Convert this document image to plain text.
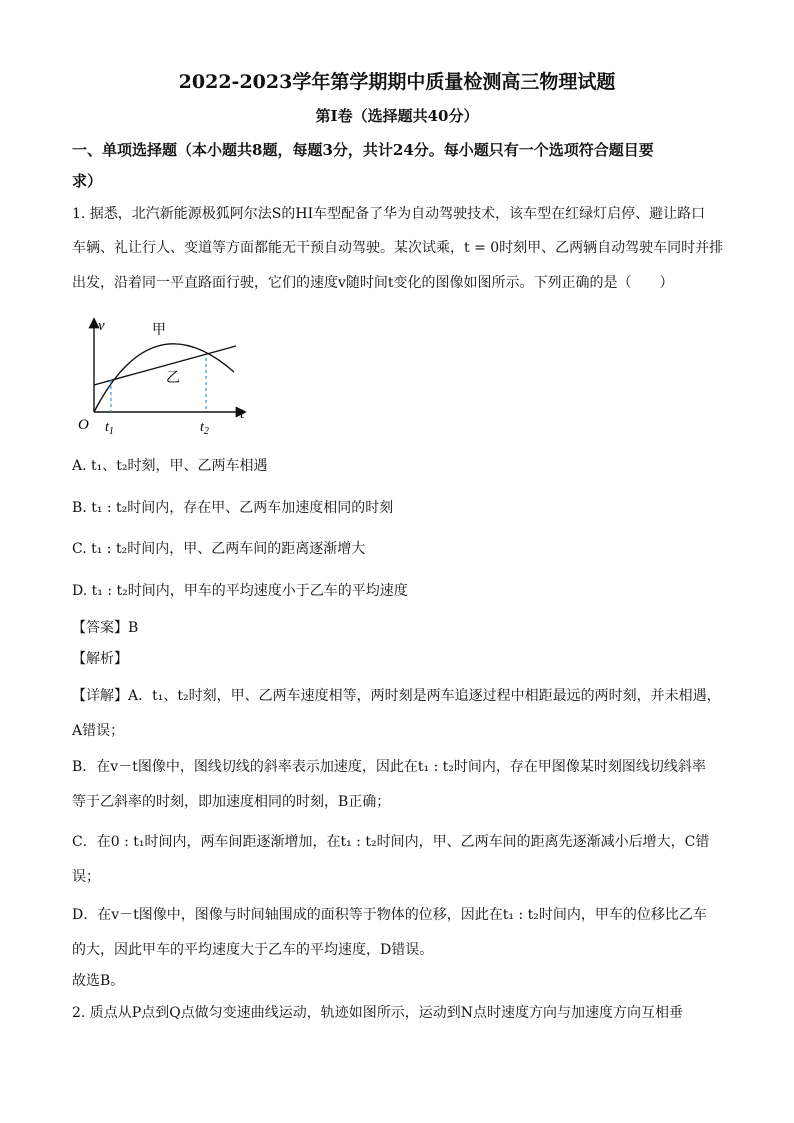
2022-2023学年第学期期中质量检测高三物理试题
第I卷（选择题共40分）
一、单项选择题（本小题共8题，每题3分，共计24分。每小题只有一个选项符合题目要
求）
1. 据悉，北汽新能源极狐阿尔法S的HI车型配备了华为自动驾驶技术，该车型在红绿灯启停、避让路口
车辆、礼让行人、变道等方面都能无干预自动驾驶。某次试乘，t = 0时刻甲、乙两辆自动驾驶车同时并排
出发，沿着同一平直路面行驶，它们的速度v随时间t变化的图像如图所示。下列正确的是（　　）
v
t
O
甲
乙
$t_1$	$t_2$
A. t₁、t₂时刻，甲、乙两车相遇
B. t₁ : t₂时间内，存在甲、乙两车加速度相同的时刻
C. t₁ : t₂时间内，甲、乙两车间的距离逐渐增大
D. t₁ : t₂时间内，甲车的平均速度小于乙车的平均速度
【答案】B
【解析】
【详解】A．t₁、t₂时刻，甲、乙两车速度相等，两时刻是两车追逐过程中相距最远的两时刻，并未相遇，
A错误；
B．在v－t图像中，图线切线的斜率表示加速度，因此在t₁ : t₂时间内，存在甲图像某时刻图线切线斜率
等于乙斜率的时刻，即加速度相同的时刻，B正确；
C．在0 : t₁时间内，两车间距逐渐增加，在t₁ : t₂时间内，甲、乙两车间的距离先逐渐减小后增大，C错
误；
D．在v－t图像中，图像与时间轴围成的面积等于物体的位移，因此在t₁ : t₂时间内，甲车的位移比乙车
的大，因此甲车的平均速度大于乙车的平均速度，D错误。
故选B。
2. 质点从P点到Q点做匀变速曲线运动，轨迹如图所示，运动到N点时速度方向与加速度方向互相垂
